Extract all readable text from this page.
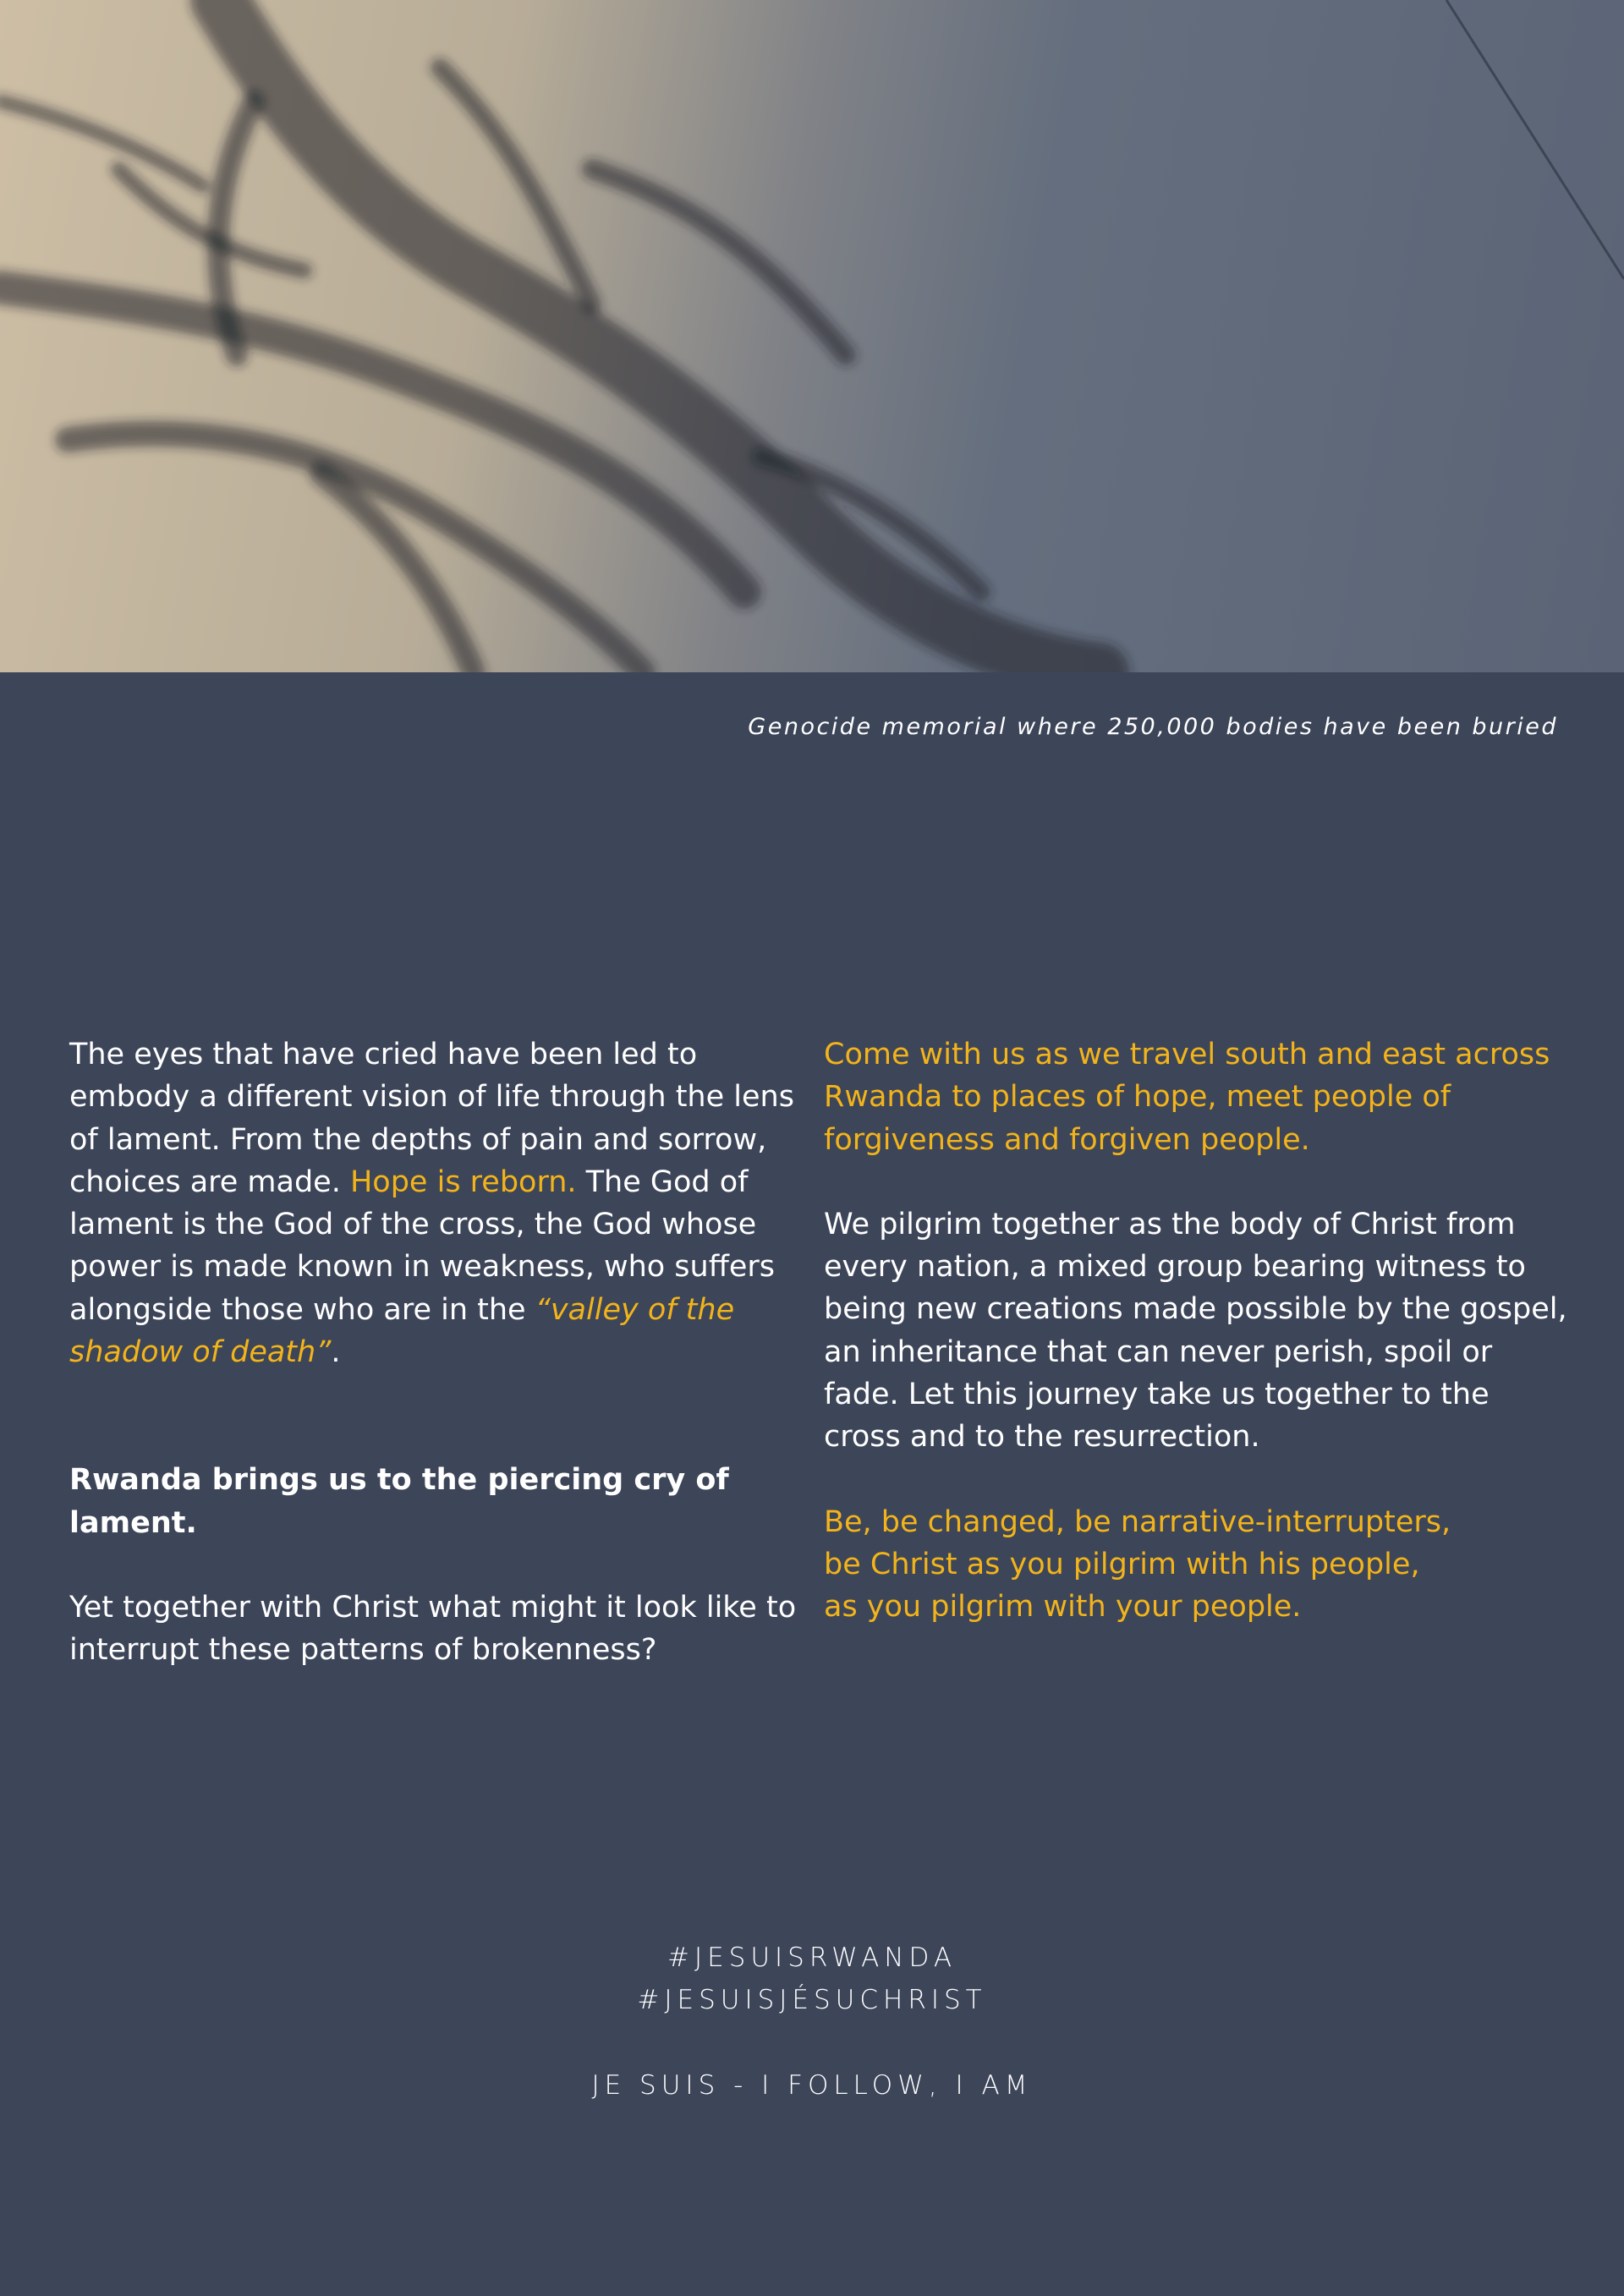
Genocide memorial where 250,000 bodies have been buried

The eyes that have cried have been led to embody a different vision of life through the lens of lament. From the depths of pain and sorrow, choices are made. Hope is reborn. The God of lament is the God of the cross, the God whose power is made known in weakness, who suffers alongside those who are in the “valley of the shadow of death”.

Rwanda brings us to the piercing cry of lament.

Yet together with Christ what might it look like to interrupt these patterns of brokenness?

Come with us as we travel south and east across Rwanda to places of hope, meet people of forgiveness and forgiven people.

We pilgrim together as the body of Christ from every nation, a mixed group bearing witness to being new creations made possible by the gospel, an inheritance that can never perish, spoil or fade. Let this journey take us together to the cross and to the resurrection.

Be, be changed, be narrative-interrupters,
be Christ as you pilgrim with his people,
as you pilgrim with your people.

#JESUISRWANDA

#JESUISJÉSUCHRIST

JE SUIS - I FOLLOW, I AM
